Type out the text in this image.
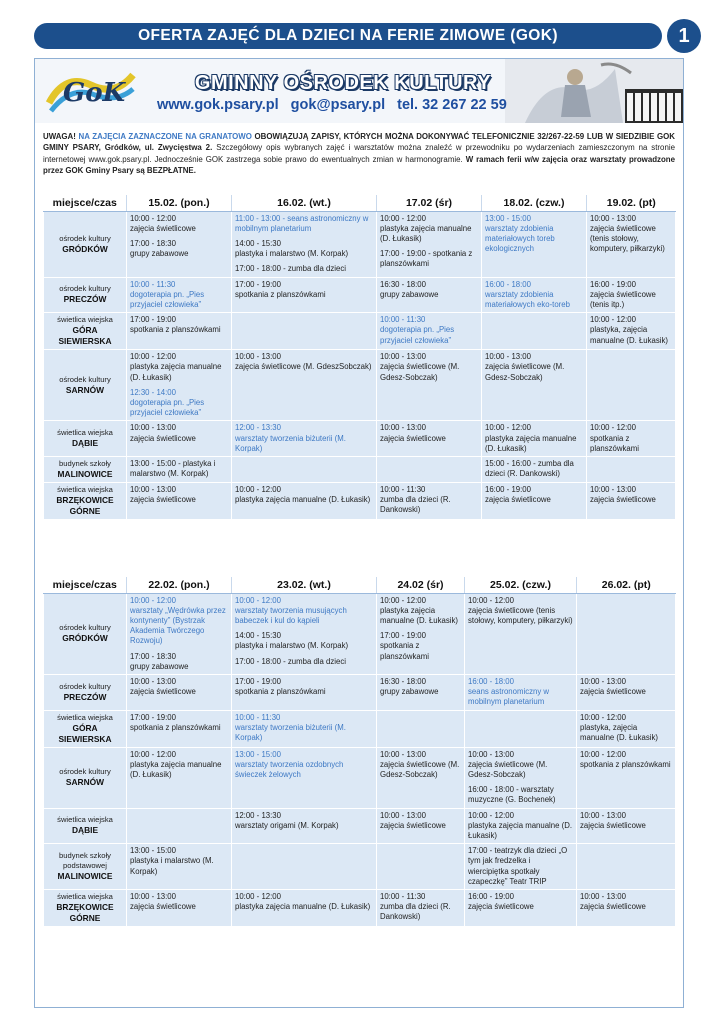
OFERTA ZAJĘĆ DLA DZIECI NA FERIE ZIMOWE (GOK)	1
GoK	GMINNY OŚRODEK KULTURY
www.gok.psary.pl gok@psary.pl tel. 32 267 22 59
UWAGA! NA ZAJĘCIA ZAZNACZONE NA GRANATOWO OBOWIĄZUJĄ ZAPISY, KTÓRYCH MOŻNA DOKONYWAĆ TELEFONICZNIE 32/267-22-59 LUB W SIEDZIBIE GOK GMINY PSARY, Gródków, ul. Zwycięstwa 2. Szczegółowy opis wybranych zajęć i warsztatów można znaleźć w przewodniku po wydarzeniach zamieszczonym na stronie internetowej www.gok.psary.pl. Jednocześnie GOK zastrzega sobie prawo do ewentualnych zmian w harmonogramie. W ramach ferii w/w zajęcia oraz warsztaty prowadzone przez GOK Gminy Psary są BEZPŁATNE.
miejsce/czas	15.02. (pon.)	16.02. (wt.)	17.02 (śr)	18.02. (czw.)	19.02. (pt)
ośrodek kultury
GRÓDKÓW	10:00 - 12:00
zajęcia świetlicowe
17:00 - 18:30
grupy zabawowe	11:00 - 13:00 - seans astronomiczny w mobilnym planetarium
14:00 - 15:30
plastyka i malarstwo (M. Korpak)
17:00 - 18:00 - zumba dla dzieci	10:00 - 12:00
plastyka zajęcia manualne (D. Łukasik)
17:00 - 19:00 - spotkania z planszówkami	13:00 - 15:00
warsztaty zdobienia materiałowych toreb ekologicznych	10:00 - 13:00
zajęcia świetlicowe (tenis stołowy, komputery, piłkarzyki)

ośrodek kultury
PRECZÓW	10:00 - 11:30
dogoterapia pn. „Pies przyjaciel człowieka”	17:00 - 19:00
spotkania z planszówkami	16:30 - 18:00
grupy zabawowe	16:00 - 18:00
warsztaty zdobienia materiałowych eko-toreb	16:00 - 19:00
zajęcia świetlicowe (tenis itp.)

świetlica wiejska
GÓRA SIEWIERSKA	17:00 - 19:00
spotkania z planszówkami		10:00 - 11:30
dogoterapia pn. „Pies przyjaciel człowieka”		10:00 - 12:00
plastyka, zajęcia manualne (D. Łukasik)

ośrodek kultury
SARNÓW	10:00 - 12:00
plastyka zajęcia manualne (D. Łukasik)
12:30 - 14:00
dogoterapia pn. „Pies przyjaciel człowieka”	10:00 - 13:00
zajęcia świetlicowe (M. GdeszSobczak)	10:00 - 13:00
zajęcia świetlicowe (M. Gdesz-Sobczak)	10:00 - 13:00
zajęcia świetlicowe (M. Gdesz-Sobczak)	

świetlica wiejska
DĄBIE	10:00 - 13:00
zajęcia świetlicowe	12:00 - 13:30
warsztaty tworzenia biżuterii (M. Korpak)	10:00 - 13:00
zajęcia świetlicowe	10:00 - 12:00
plastyka zajęcia manualne (D. Łukasik)	10:00 - 12:00
spotkania z planszówkami

budynek szkoły
MALINOWICE	13:00 - 15:00 - plastyka i malarstwo (M. Korpak)			15:00 - 16:00 - zumba dla dzieci (R. Dankowski)	

świetlica wiejska
BRZĘKOWICE GÓRNE	10:00 - 13:00
zajęcia świetlicowe	10:00 - 12:00
plastyka zajęcia manualne (D. Łukasik)	10:00 - 11:30
zumba dla dzieci (R. Dankowski)	16:00 - 19:00
zajęcia świetlicowe	10:00 - 13:00
zajęcia świetlicowe
miejsce/czas	22.02. (pon.)	23.02. (wt.)	24.02 (śr)	25.02. (czw.)	26.02. (pt)
ośrodek kultury
GRÓDKÓW	10:00 - 12:00
warsztaty „Wędrówka przez kontynenty” (Bystrzak Akademia Twórczego Rozwoju)
17:00 - 18:30
grupy zabawowe	10:00 - 12:00
warsztaty tworzenia musujących babeczek i kul do kąpieli
14:00 - 15:30
plastyka i malarstwo (M. Korpak)
17:00 - 18:00 - zumba dla dzieci	10:00 - 12:00
plastyka zajęcia manualne (D. Łukasik)
17:00 - 19:00
spotkania z planszówkami	10:00 - 12:00
zajęcia świetlicowe (tenis stołowy, komputery, piłkarzyki)	

ośrodek kultury
PRECZÓW	10:00 - 13:00
zajęcia świetlicowe	17:00 - 19:00
spotkania z planszówkami	16:30 - 18:00
grupy zabawowe	16:00 - 18:00
seans astronomiczny w mobilnym planetarium	10:00 - 13:00
zajęcia świetlicowe

świetlica wiejska
GÓRA SIEWIERSKA	17:00 - 19:00
spotkania z planszówkami	10:00 - 11:30
warsztaty tworzenia biżuterii (M. Korpak)			10:00 - 12:00
plastyka, zajęcia manualne (D. Łukasik)

ośrodek kultury
SARNÓW	10:00 - 12:00
plastyka zajęcia manualne (D. Łukasik)	13:00 - 15:00
warsztaty tworzenia ozdobnych świeczek żelowych	10:00 - 13:00
zajęcia świetlicowe (M. Gdesz-Sobczak)	10:00 - 13:00
zajęcia świetlicowe (M. Gdesz-Sobczak)
16:00 - 18:00 - warsztaty muzyczne (G. Bochenek)	10:00 - 12:00
spotkania z planszówkami

świetlica wiejska
DĄBIE		12:00 - 13:30
warsztaty origami (M. Korpak)	10:00 - 13:00
zajęcia świetlicowe	10:00 - 12:00
plastyka zajęcia manualne (D. Łukasik)	10:00 - 13:00
zajęcia świetlicowe

budynek szkoły podstawowej
MALINOWICE	13:00 - 15:00
plastyka i malarstwo (M. Korpak)			17:00 - teatrzyk dla dzieci „O tym jak fredzelka i wiercipiętka spotkały czapeczkę” Teatr TRIP	

świetlica wiejska
BRZĘKOWICE GÓRNE	10:00 - 13:00
zajęcia świetlicowe	10:00 - 12:00
plastyka zajęcia manualne (D. Łukasik)	10:00 - 11:30
zumba dla dzieci (R. Dankowski)	16:00 - 19:00
zajęcia świetlicowe	10:00 - 13:00
zajęcia świetlicowe
